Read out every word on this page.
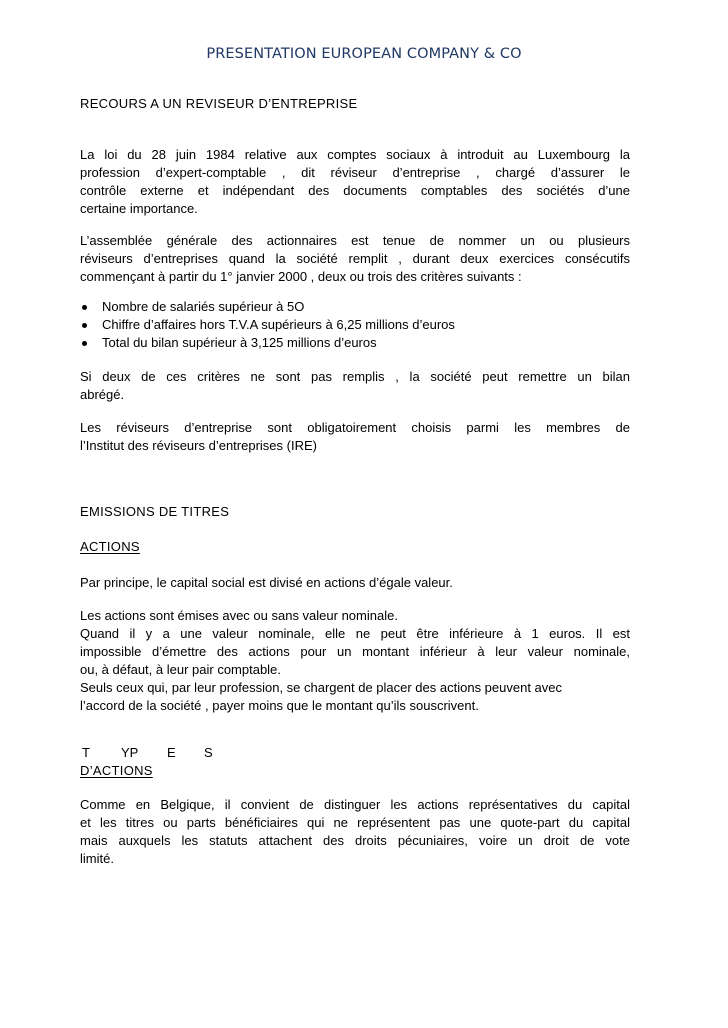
PRESENTATION EUROPEAN COMPANY & CO
RECOURS A UN REVISEUR D’ENTREPRISE
La loi du 28 juin 1984 relative aux comptes sociaux à introduit au Luxembourg la
profession d’expert-comptable , dit réviseur d’entreprise , chargé d’assurer le
contrôle externe et indépendant des documents comptables des sociétés d’une
certaine importance.
L’assemblée générale des actionnaires est tenue de nommer un ou plusieurs
réviseurs d’entreprises quand la société remplit , durant deux exercices consécutifs
commençant à partir du 1° janvier 2000 , deux ou trois des critères suivants :
Nombre de salariés supérieur à 5O
Chiffre d’affaires hors T.V.A supérieurs à 6,25 millions d’euros
Total du bilan supérieur à 3,125 millions d’euros
Si deux de ces critères ne sont pas remplis , la société peut remettre un bilan
abrégé.
Les réviseurs d’entreprise sont obligatoirement choisis parmi les membres de
l’Institut des réviseurs d’entreprises (IRE)
EMISSIONS DE TITRES
ACTIONS
Par principe, le capital social est divisé en actions d’égale valeur.
Les actions sont émises avec ou sans valeur nominale.
Quand il y a une valeur nominale, elle ne peut être inférieure à 1 euros. Il est
impossible d’émettre des actions pour un montant inférieur à leur valeur nominale,
ou, à défaut, à leur pair comptable.
Seuls ceux qui, par leur profession, se chargent de placer des actions peuvent avec
l’accord de la société , payer moins que le montant qu’ils souscrivent.
T YP E S
D’ACTIONS
Comme en Belgique, il convient de distinguer les actions représentatives du capital
et les titres ou parts bénéficiaires qui ne représentent pas une quote-part du capital
mais auxquels les statuts attachent des droits pécuniaires, voire un droit de vote
limité.
